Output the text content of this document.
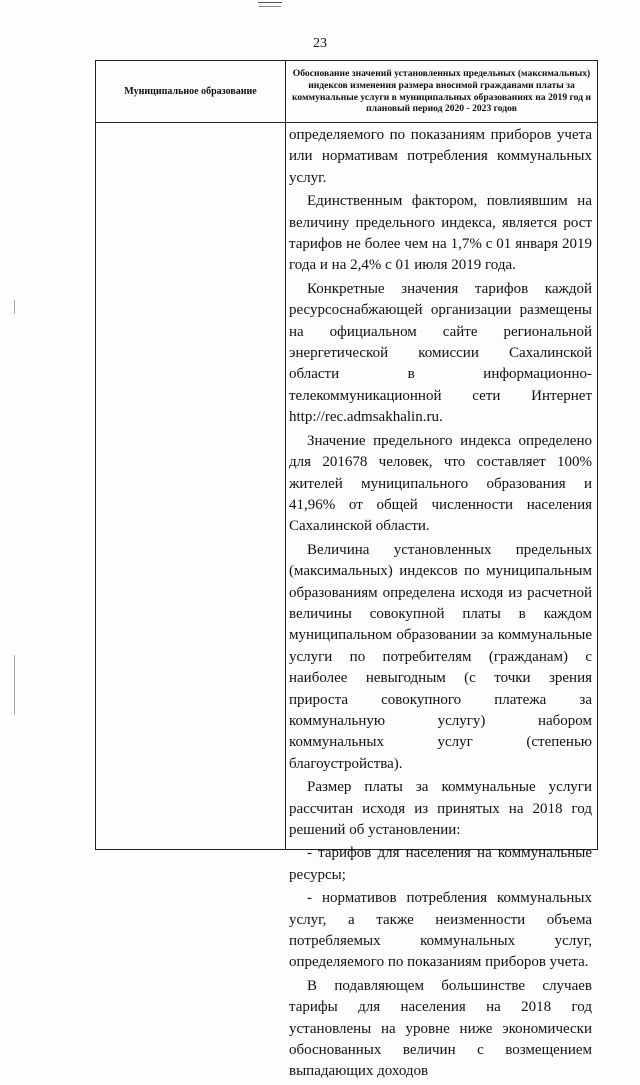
23
Муниципальное образование
Обоснование значений установленных предельных (максимальных) индексов изменения размера вносимой гражданами платы за коммунальные услуги в муниципальных образованиях на 2019 год и плановый период 2020 - 2023 годов

определяемого по показаниям приборов учета или нормативам потребления коммунальных услуг.

Единственным фактором, повлиявшим на величину предельного индекса, является рост тарифов не более чем на 1,7% с 01 января 2019 года и на 2,4% с 01 июля 2019 года.

Конкретные значения тарифов каждой ресурсоснабжающей организации размещены на официальном сайте региональной энергетической комиссии Сахалинской области в информационно-телекоммуникационной сети Интернет http://rec.admsakhalin.ru.

Значение предельного индекса определено для 201678 человек, что составляет 100% жителей муниципального образования и 41,96% от общей численности населения Сахалинской области.

Величина установленных предельных (максимальных) индексов по муниципальным образованиям определена исходя из расчетной величины совокупной платы в каждом муниципальном образовании за коммунальные услуги по потребителям (гражданам) с наиболее невыгодным (с точки зрения прироста совокупного платежа за коммунальную услугу) набором коммунальных услуг (степенью благоустройства).

Размер платы за коммунальные услуги рассчитан исходя из принятых на 2018 год решений об установлении:

- тарифов для населения на коммунальные ресурсы;

- нормативов потребления коммунальных услуг, а также неизменности объема потребляемых коммунальных услуг, определяемого по показаниям приборов учета.

В подавляющем большинстве случаев тарифы для населения на 2018 год установлены на уровне ниже экономически обоснованных величин с возмещением выпадающих доходов
